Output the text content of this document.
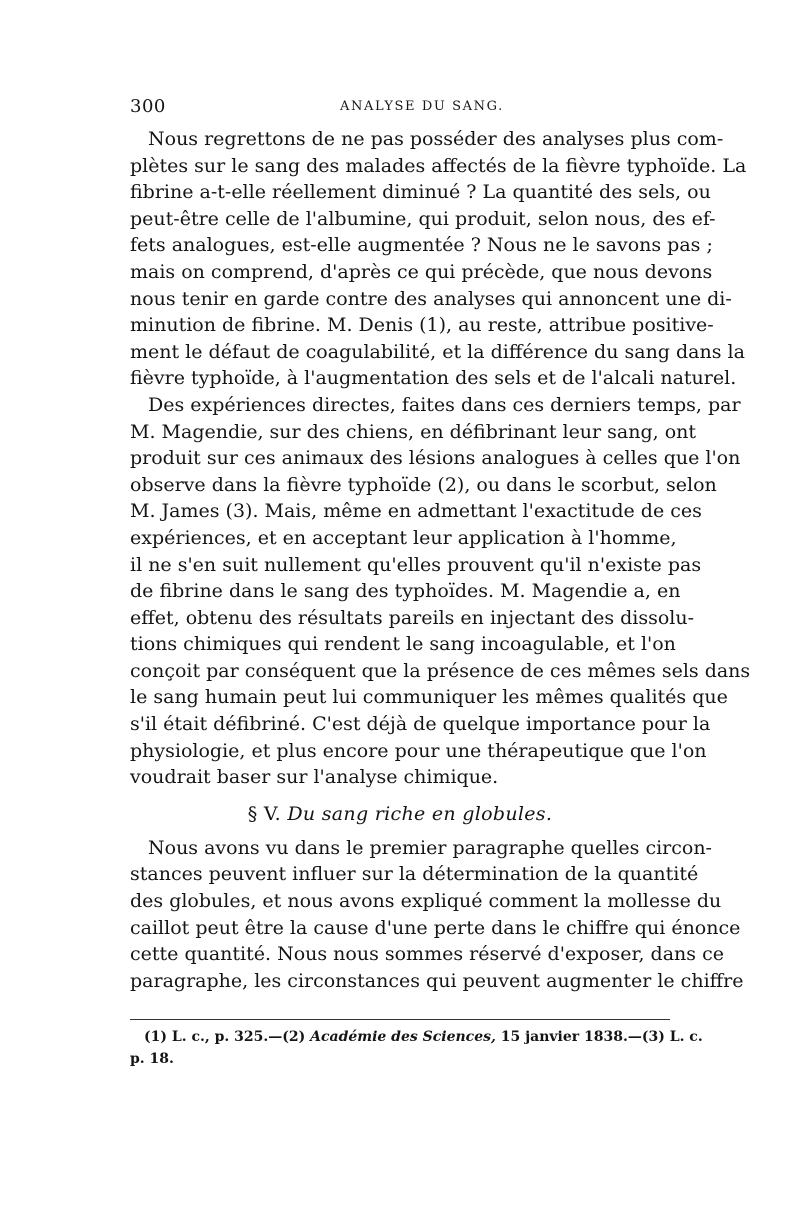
300	ANALYSE DU SANG.
Nous regrettons de ne pas posséder des analyses plus com-
plètes sur le sang des malades affectés de la fièvre typhoïde. La
fibrine a-t-elle réellement diminué ? La quantité des sels, ou
peut-être celle de l'albumine, qui produit, selon nous, des ef-
fets analogues, est-elle augmentée ? Nous ne le savons pas ;
mais on comprend, d'après ce qui précède, que nous devons
nous tenir en garde contre des analyses qui annoncent une di-
minution de fibrine. M. Denis (1), au reste, attribue positive-
ment le défaut de coagulabilité, et la différence du sang dans la
fièvre typhoïde, à l'augmentation des sels et de l'alcali naturel.
Des expériences directes, faites dans ces derniers temps, par
M. Magendie, sur des chiens, en défibrinant leur sang, ont
produit sur ces animaux des lésions analogues à celles que l'on
observe dans la fièvre typhoïde (2), ou dans le scorbut, selon
M. James (3). Mais, même en admettant l'exactitude de ces
expériences, et en acceptant leur application à l'homme,
il ne s'en suit nullement qu'elles prouvent qu'il n'existe pas
de fibrine dans le sang des typhoïdes. M. Magendie a, en
effet, obtenu des résultats pareils en injectant des dissolu-
tions chimiques qui rendent le sang incoagulable, et l'on
conçoit par conséquent que la présence de ces mêmes sels dans
le sang humain peut lui communiquer les mêmes qualités que
s'il était défibriné. C'est déjà de quelque importance pour la
physiologie, et plus encore pour une thérapeutique que l'on
voudrait baser sur l'analyse chimique.
§ V. Du sang riche en globules.
Nous avons vu dans le premier paragraphe quelles circon-
stances peuvent influer sur la détermination de la quantité
des globules, et nous avons expliqué comment la mollesse du
caillot peut être la cause d'une perte dans le chiffre qui énonce
cette quantité. Nous nous sommes réservé d'exposer, dans ce
paragraphe, les circonstances qui peuvent augmenter le chiffre
(1) L. c., p. 325.—(2) Académie des Sciences, 15 janvier 1838.—(3) L. c.
p. 18.
